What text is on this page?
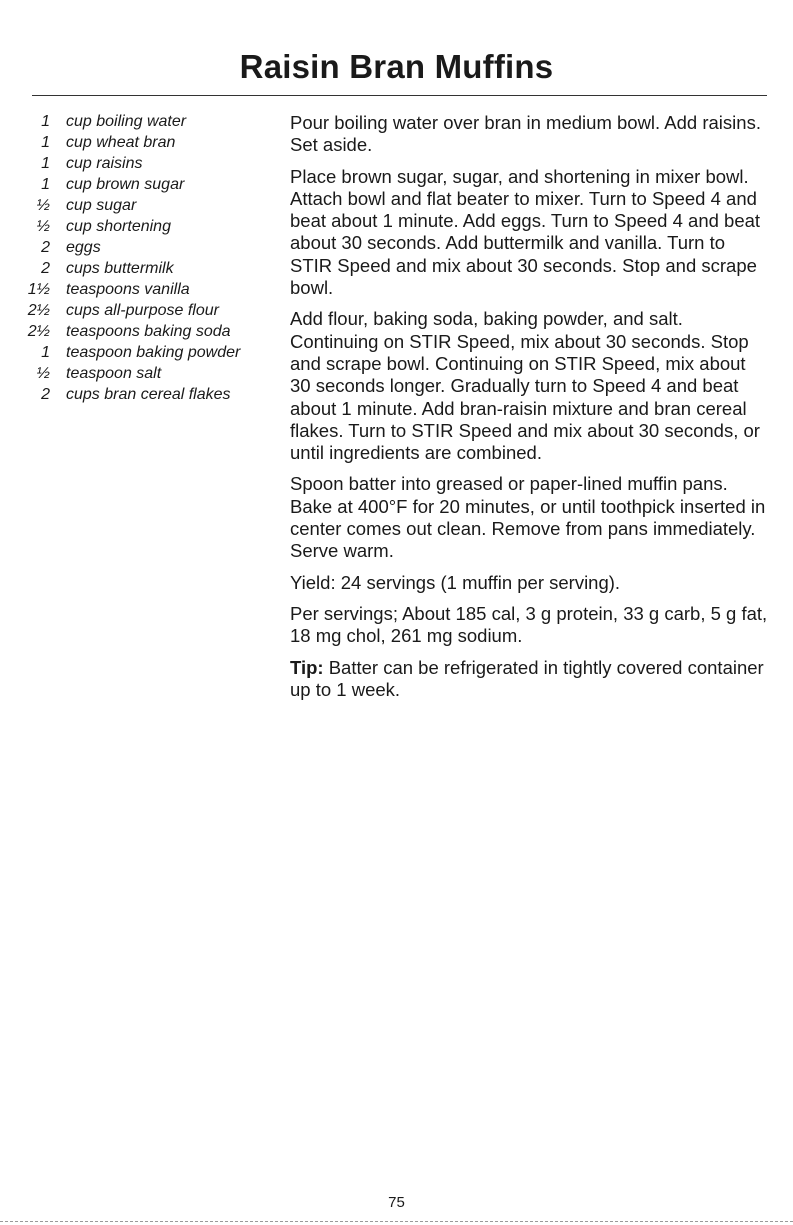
Raisin Bran Muffins
1	cup boiling water
1	cup wheat bran
1	cup raisins
1	cup brown sugar
½	cup sugar
½	cup shortening
2	eggs
2	cups buttermilk
1½	teaspoons vanilla
2½	cups all-purpose flour
2½	teaspoons baking soda
1	teaspoon baking powder
½	teaspoon salt
2	cups bran cereal flakes

Pour boiling water over bran in medium bowl. Add raisins. Set aside.

Place brown sugar, sugar, and shortening in mixer bowl. Attach bowl and flat beater to mixer. Turn to Speed 4 and beat about 1 minute. Add eggs. Turn to Speed 4 and beat about 30 seconds. Add buttermilk and vanilla. Turn to STIR Speed and mix about 30 seconds. Stop and scrape bowl.

Add flour, baking soda, baking powder, and salt. Continuing on STIR Speed, mix about 30 seconds. Stop and scrape bowl. Continuing on STIR Speed, mix about 30 seconds longer. Gradually turn to Speed 4 and beat about 1 minute. Add bran-raisin mixture and bran cereal flakes. Turn to STIR Speed and mix about 30 seconds, or until ingredients are combined.

Spoon batter into greased or paper-lined muffin pans. Bake at 400°F for 20 minutes, or until toothpick inserted in center comes out clean. Remove from pans immediately. Serve warm.

Yield: 24 servings (1 muffin per serving).

Per servings; About 185 cal, 3 g protein, 33 g carb, 5 g fat, 18 mg chol, 261 mg sodium.

Tip: Batter can be refrigerated in tightly covered container up to 1 week.

75
